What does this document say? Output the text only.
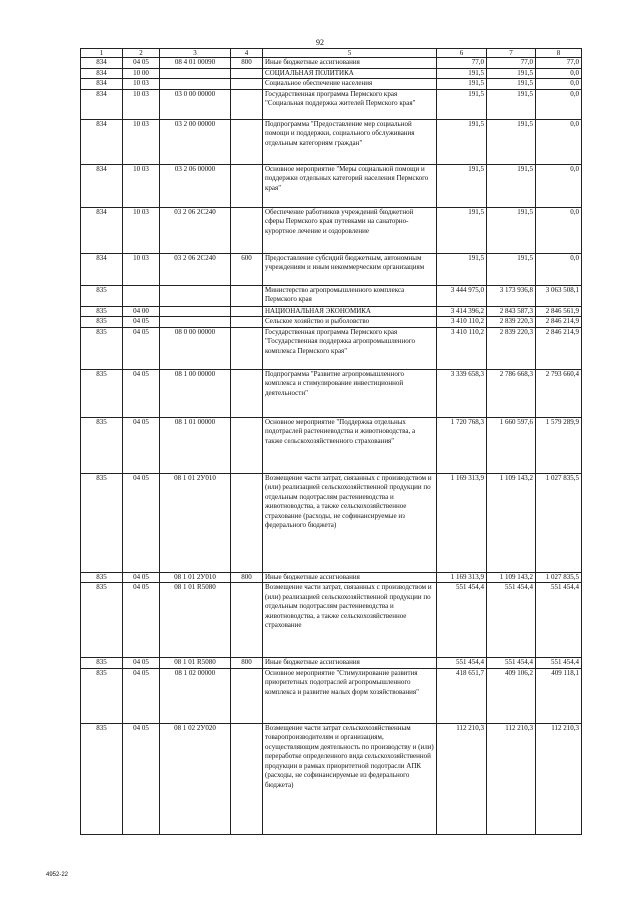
92
1	2	3	4	5	6	7	8
834	04 05	08 4 01 00090	800	Иные бюджетные ассигнования	77,0	77,0	77,0
834	10 00			СОЦИАЛЬНАЯ ПОЛИТИКА	191,5	191,5	0,0
834	10 03			Социальное обеспечение населения	191,5	191,5	0,0
834	10 03	03 0 00 00000		Государственная программа Пермского края "Социальная поддержка жителей Пермского края"	191,5	191,5	0,0
834	10 03	03 2 00 00000		Подпрограмма "Предоставление мер социальной помощи и поддержки, социального обслуживания отдельным категориям граждан"	191,5	191,5	0,0
834	10 03	03 2 06 00000		Основное мероприятие "Меры социальной помощи и поддержки отдельных категорий населения Пермского края"	191,5	191,5	0,0
834	10 03	03 2 06 2С240		Обеспечение работников учреждений бюджетной сферы Пермского края путевками на санаторно-курортное лечение и оздоровление	191,5	191,5	0,0
834	10 03	03 2 06 2С240	600	Предоставление субсидий бюджетным, автономным учреждениям и иным некоммерческим организациям	191,5	191,5	0,0
835				Министерство агропромышленного комплекса Пермского края	3 444 975,0	3 173 936,8	3 063 508,1
835	04 00			НАЦИОНАЛЬНАЯ ЭКОНОМИКА	3 414 396,2	2 843 587,3	2 846 561,9
835	04 05			Сельское хозяйство и рыболовство	3 410 110,2	2 839 220,3	2 846 214,9
835	04 05	08 0 00 00000		Государственная программа Пермского края "Государственная поддержка агропромышленного комплекса Пермского края"	3 410 110,2	2 839 220,3	2 846 214,9
835	04 05	08 1 00 00000		Подпрограмма "Развитие агропромышленного комплекса и стимулирование инвестиционной деятельности"	3 339 658,3	2 786 668,3	2 793 660,4
835	04 05	08 1 01 00000		Основное мероприятие "Поддержка отдельных подотраслей растениеводства и животноводства, а также сельскохозяйственного страхования"	1 720 768,3	1 660 597,6	1 579 289,9
835	04 05	08 1 01 2У010		Возмещение части затрат, связанных с производством и (или) реализацией сельскохозяйственной продукции по отдельным подотраслям растениеводства и животноводства, а также сельскохозяйственное страхование (расходы, не софинансируемые из федерального бюджета)	1 169 313,9	1 109 143,2	1 027 835,5
835	04 05	08 1 01 2У010	800	Иные бюджетные ассигнования	1 169 313,9	1 109 143,2	1 027 835,5
835	04 05	08 1 01 R5080		Возмещение части затрат, связанных с производством и (или) реализацией сельскохозяйственной продукции по отдельным подотраслям растениеводства и животноводства, а также сельскохозяйственное страхование	551 454,4	551 454,4	551 454,4
835	04 05	08 1 01 R5080	800	Иные бюджетные ассигнования	551 454,4	551 454,4	551 454,4
835	04 05	08 1 02 00000		Основное мероприятие "Стимулирование развития приоритетных подотраслей агропромышленного комплекса и развитие малых форм хозяйствования"	418 651,7	409 106,2	409 118,1
835	04 05	08 1 02 2У020		Возмещение части затрат сельскохозяйственным товаропроизводителям и организациям, осуществляющим деятельность по производству и (или) переработке определенного вида сельскохозяйственной продукции в рамках приоритетной подотрасли АПК (расходы, не софинансируемые из федерального бюджета)	112 210,3	112 210,3	112 210,3
4952-22
